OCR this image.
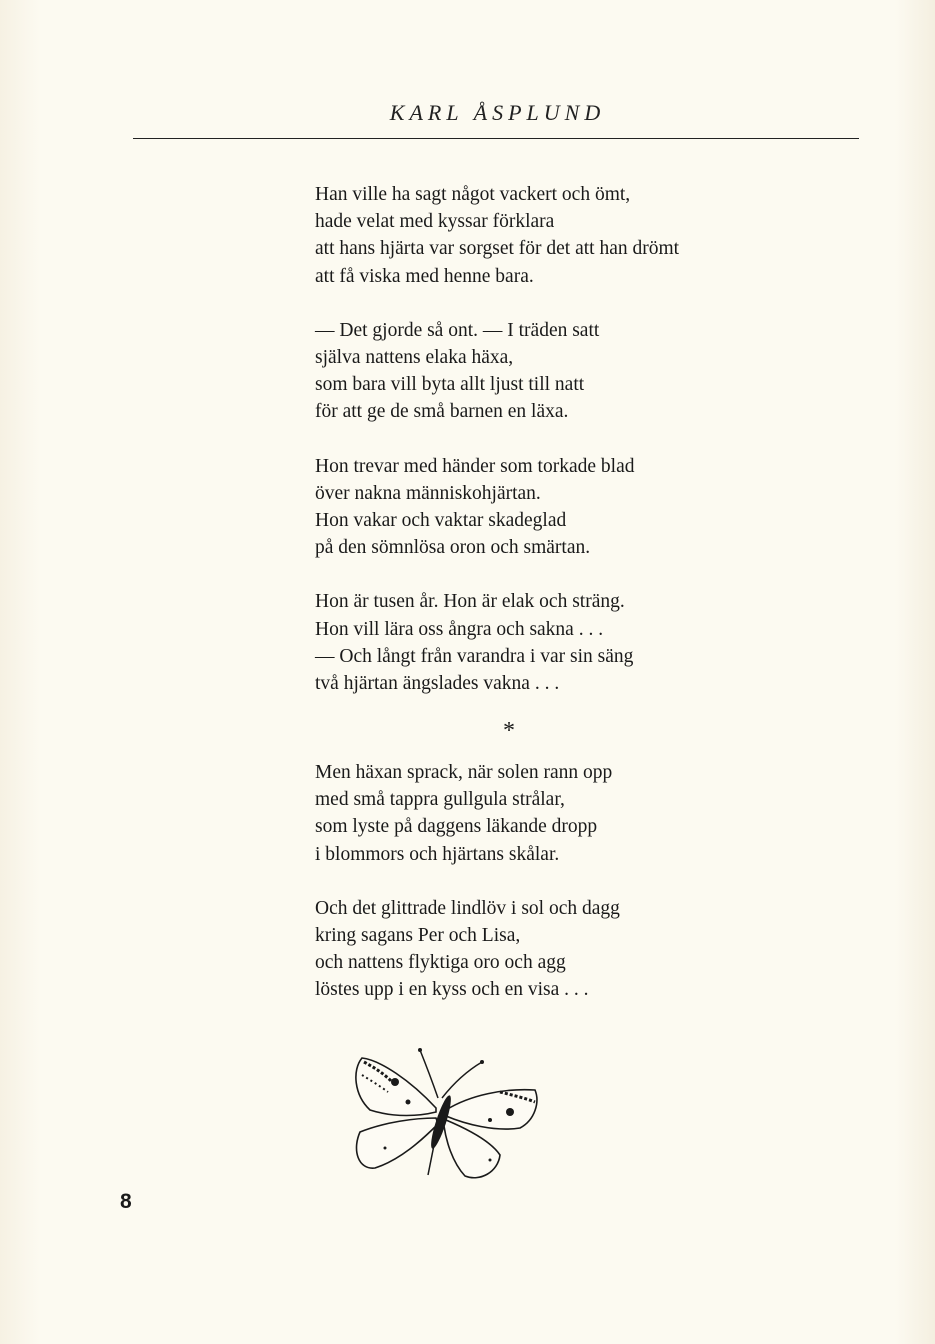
KARL ÅSPLUND
Han ville ha sagt något vackert och ömt,
hade velat med kyssar förklara
att hans hjärta var sorgset för det att han drömt
att få viska med henne bara.
— Det gjorde så ont. — I träden satt
själva nattens elaka häxa,
som bara vill byta allt ljust till natt
för att ge de små barnen en läxa.
Hon trevar med händer som torkade blad
över nakna människohjärtan.
Hon vakar och vaktar skadeglad
på den sömnlösa oron och smärtan.
Hon är tusen år. Hon är elak och sträng.
Hon vill lära oss ångra och sakna . . .
— Och långt från varandra i var sin säng
två hjärtan ängslades vakna . . .
*
Men häxan sprack, när solen rann opp
med små tappra gullgula strålar,
som lyste på daggens läkande dropp
i blommors och hjärtans skålar.
Och det glittrade lindlöv i sol och dagg
kring sagans Per och Lisa,
och nattens flyktiga oro och agg
löstes upp i en kyss och en visa . . .
8
